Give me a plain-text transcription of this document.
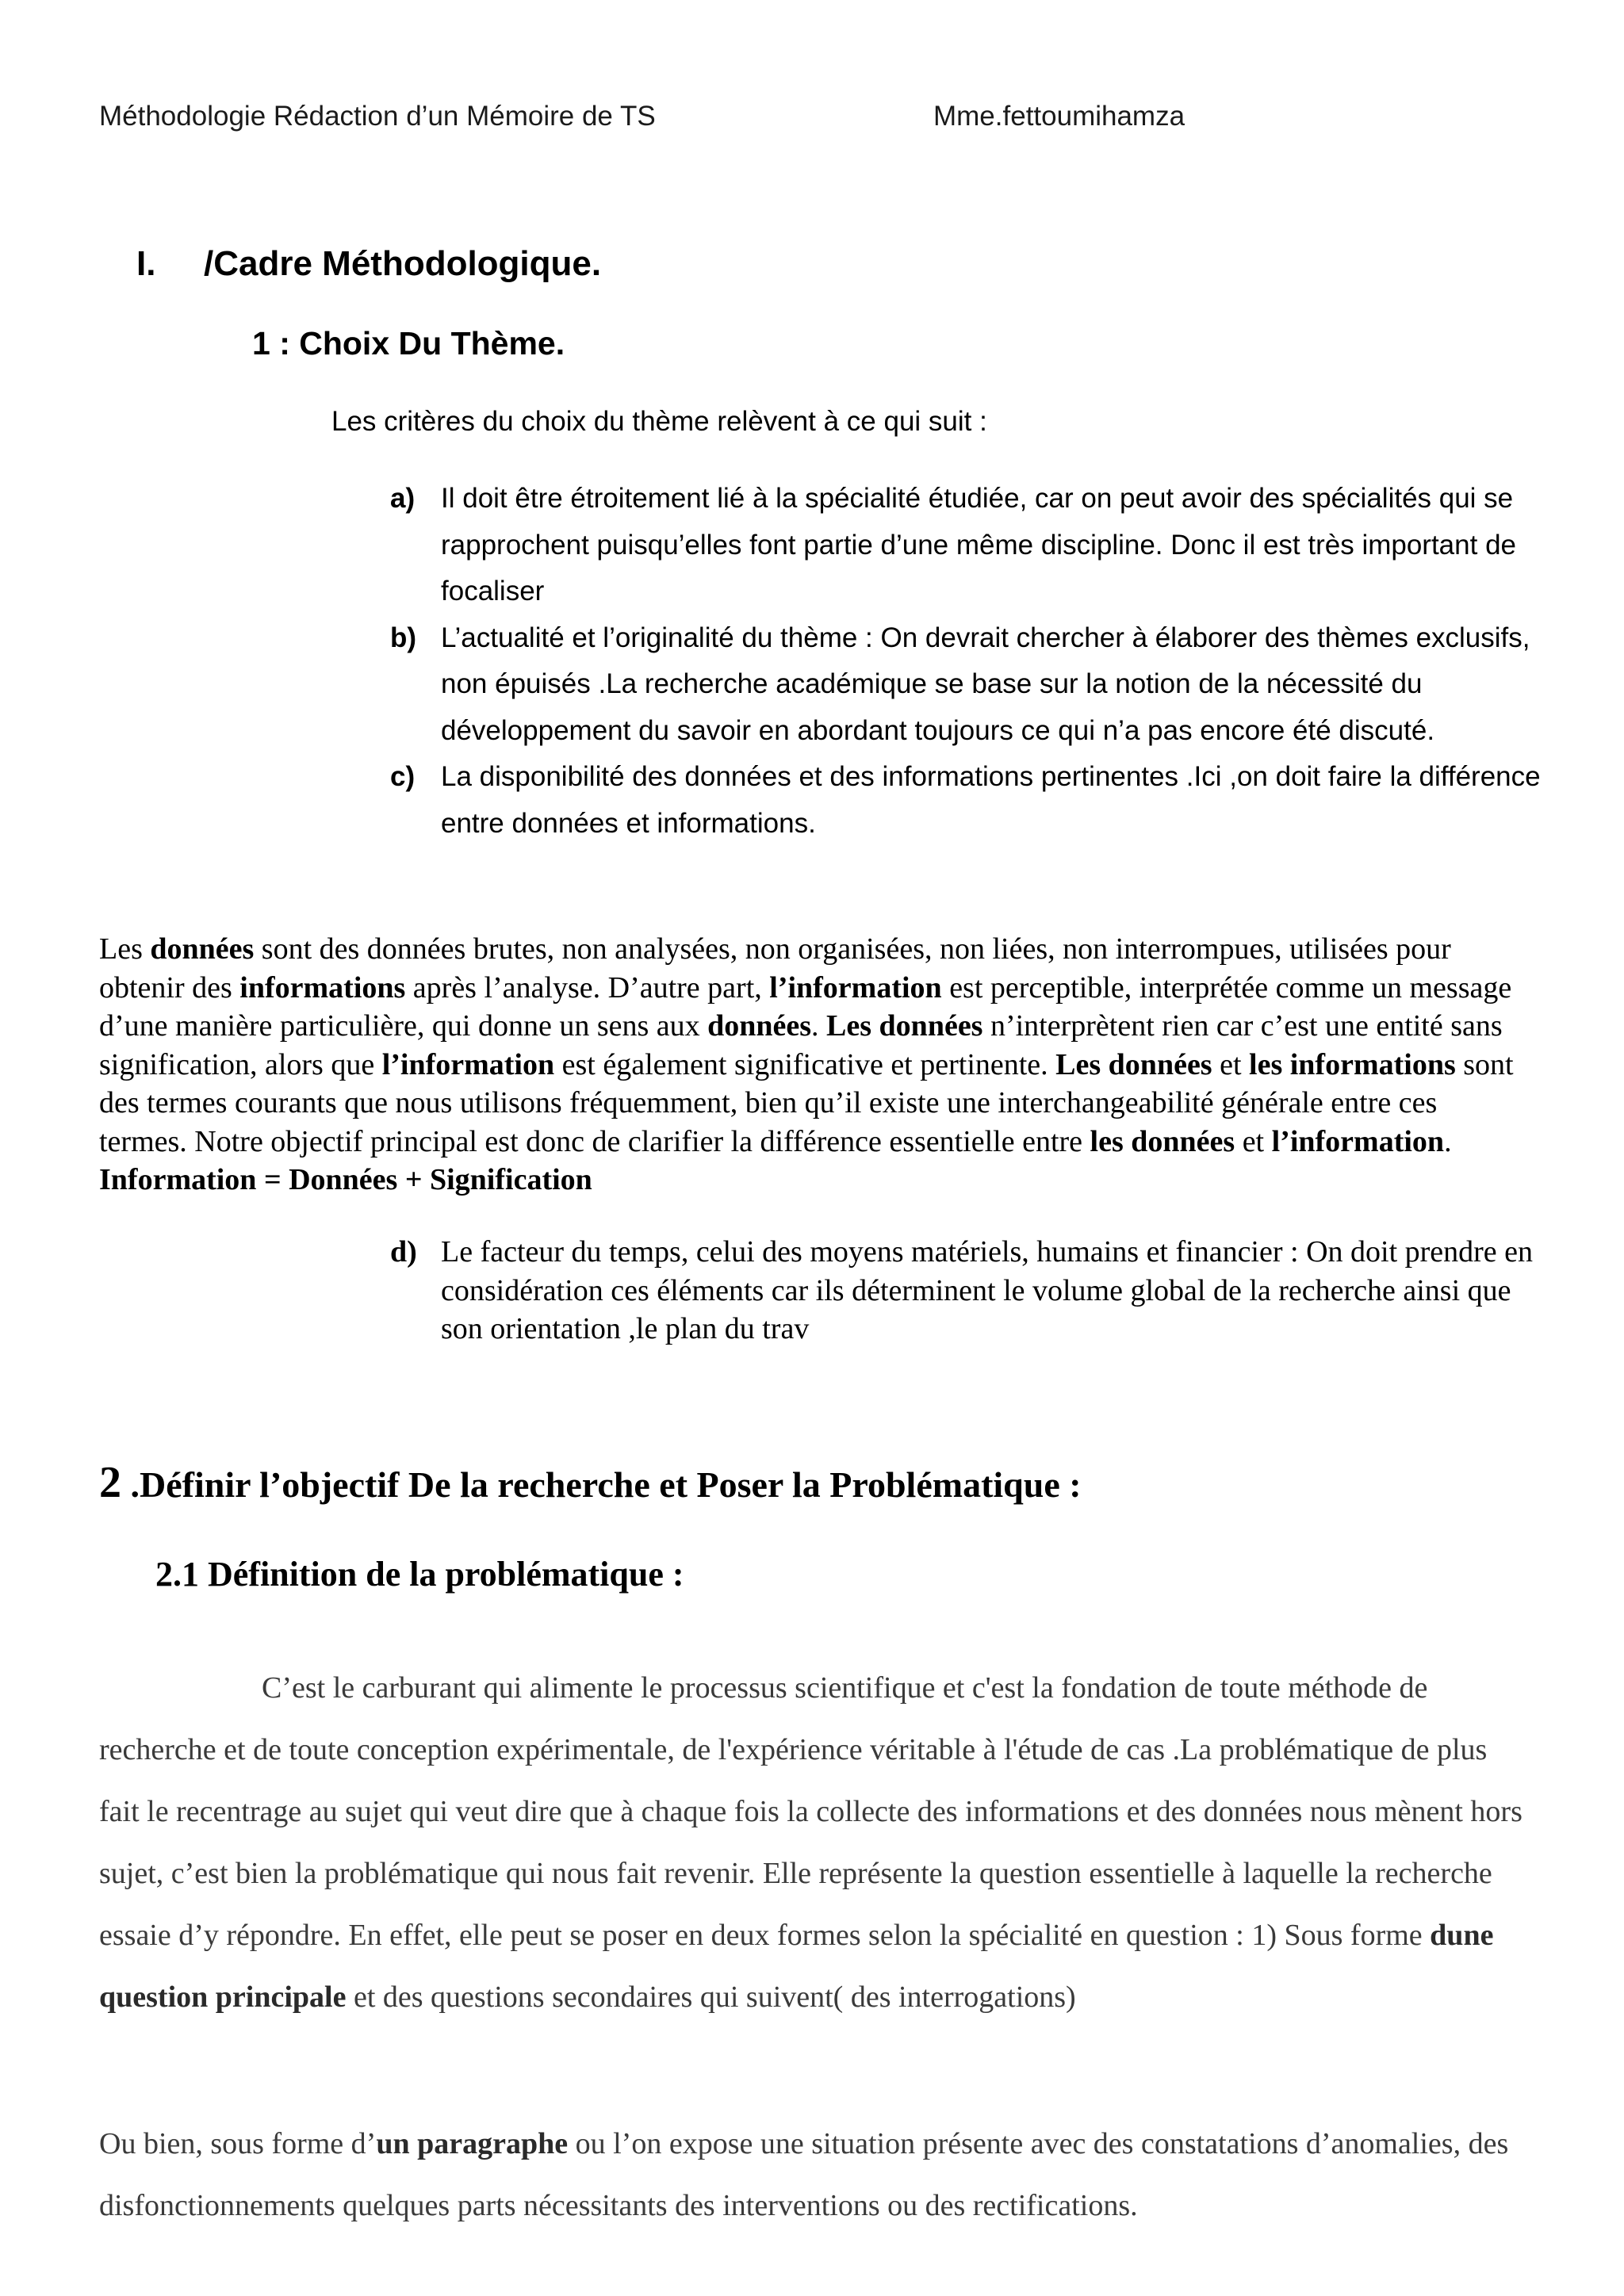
Méthodologie Rédaction d’un Mémoire de TS	Mme.fettoumihamza
I. /Cadre Méthodologique.
1 : Choix Du Thème.
Les critères du choix du thème relèvent à ce qui suit :
a) Il doit être étroitement lié à la spécialité étudiée, car on peut avoir des spécialités qui se rapprochent puisqu’elles font partie d’une même discipline. Donc il est très important de focaliser
b) L’actualité et l’originalité du thème : On devrait chercher à élaborer des thèmes exclusifs, non épuisés .La recherche académique se base sur la notion de la nécessité du développement du savoir en abordant toujours ce qui n’a pas encore été discuté.
c) La disponibilité des données et des informations pertinentes .Ici ,on doit faire la différence entre données et informations.

Les données sont des données brutes, non analysées, non organisées, non liées, non interrompues, utilisées pour obtenir des informations après l’analyse. D’autre part, l’information est perceptible, interprétée comme un message d’une manière particulière, qui donne un sens aux données. Les données n’interprètent rien car c’est une entité sans signification, alors que l’information est également significative et pertinente. Les données et les informations sont des termes courants que nous utilisons fréquemment, bien qu’il existe une interchangeabilité générale entre ces termes. Notre objectif principal est donc de clarifier la différence essentielle entre les données et l’information. Information = Données + Signification

d) Le facteur du temps, celui des moyens matériels, humains et financier : On doit prendre en considération ces éléments car ils déterminent le volume global de la recherche ainsi que son orientation ,le plan du trav
2 .Définir l’objectif De la recherche et Poser la Problématique :
2.1 Définition de la problématique :

C’est le carburant qui alimente le processus scientifique et c'est la fondation de toute méthode de recherche et de toute conception expérimentale, de l'expérience véritable à l'étude de cas .La problématique de plus fait le recentrage au sujet qui veut dire que à chaque fois la collecte des informations et des données nous mènent hors sujet, c’est bien la problématique qui nous fait revenir. Elle représente la question essentielle à laquelle la recherche essaie d’y répondre. En effet, elle peut se poser en deux formes selon la spécialité en question : 1) Sous forme dune question principale et des questions secondaires qui suivent( des interrogations)

Ou bien, sous forme d’un paragraphe ou l’on expose une situation présente avec des constatations d’anomalies, des disfonctionnements quelques parts nécessitants des interventions ou des rectifications.
